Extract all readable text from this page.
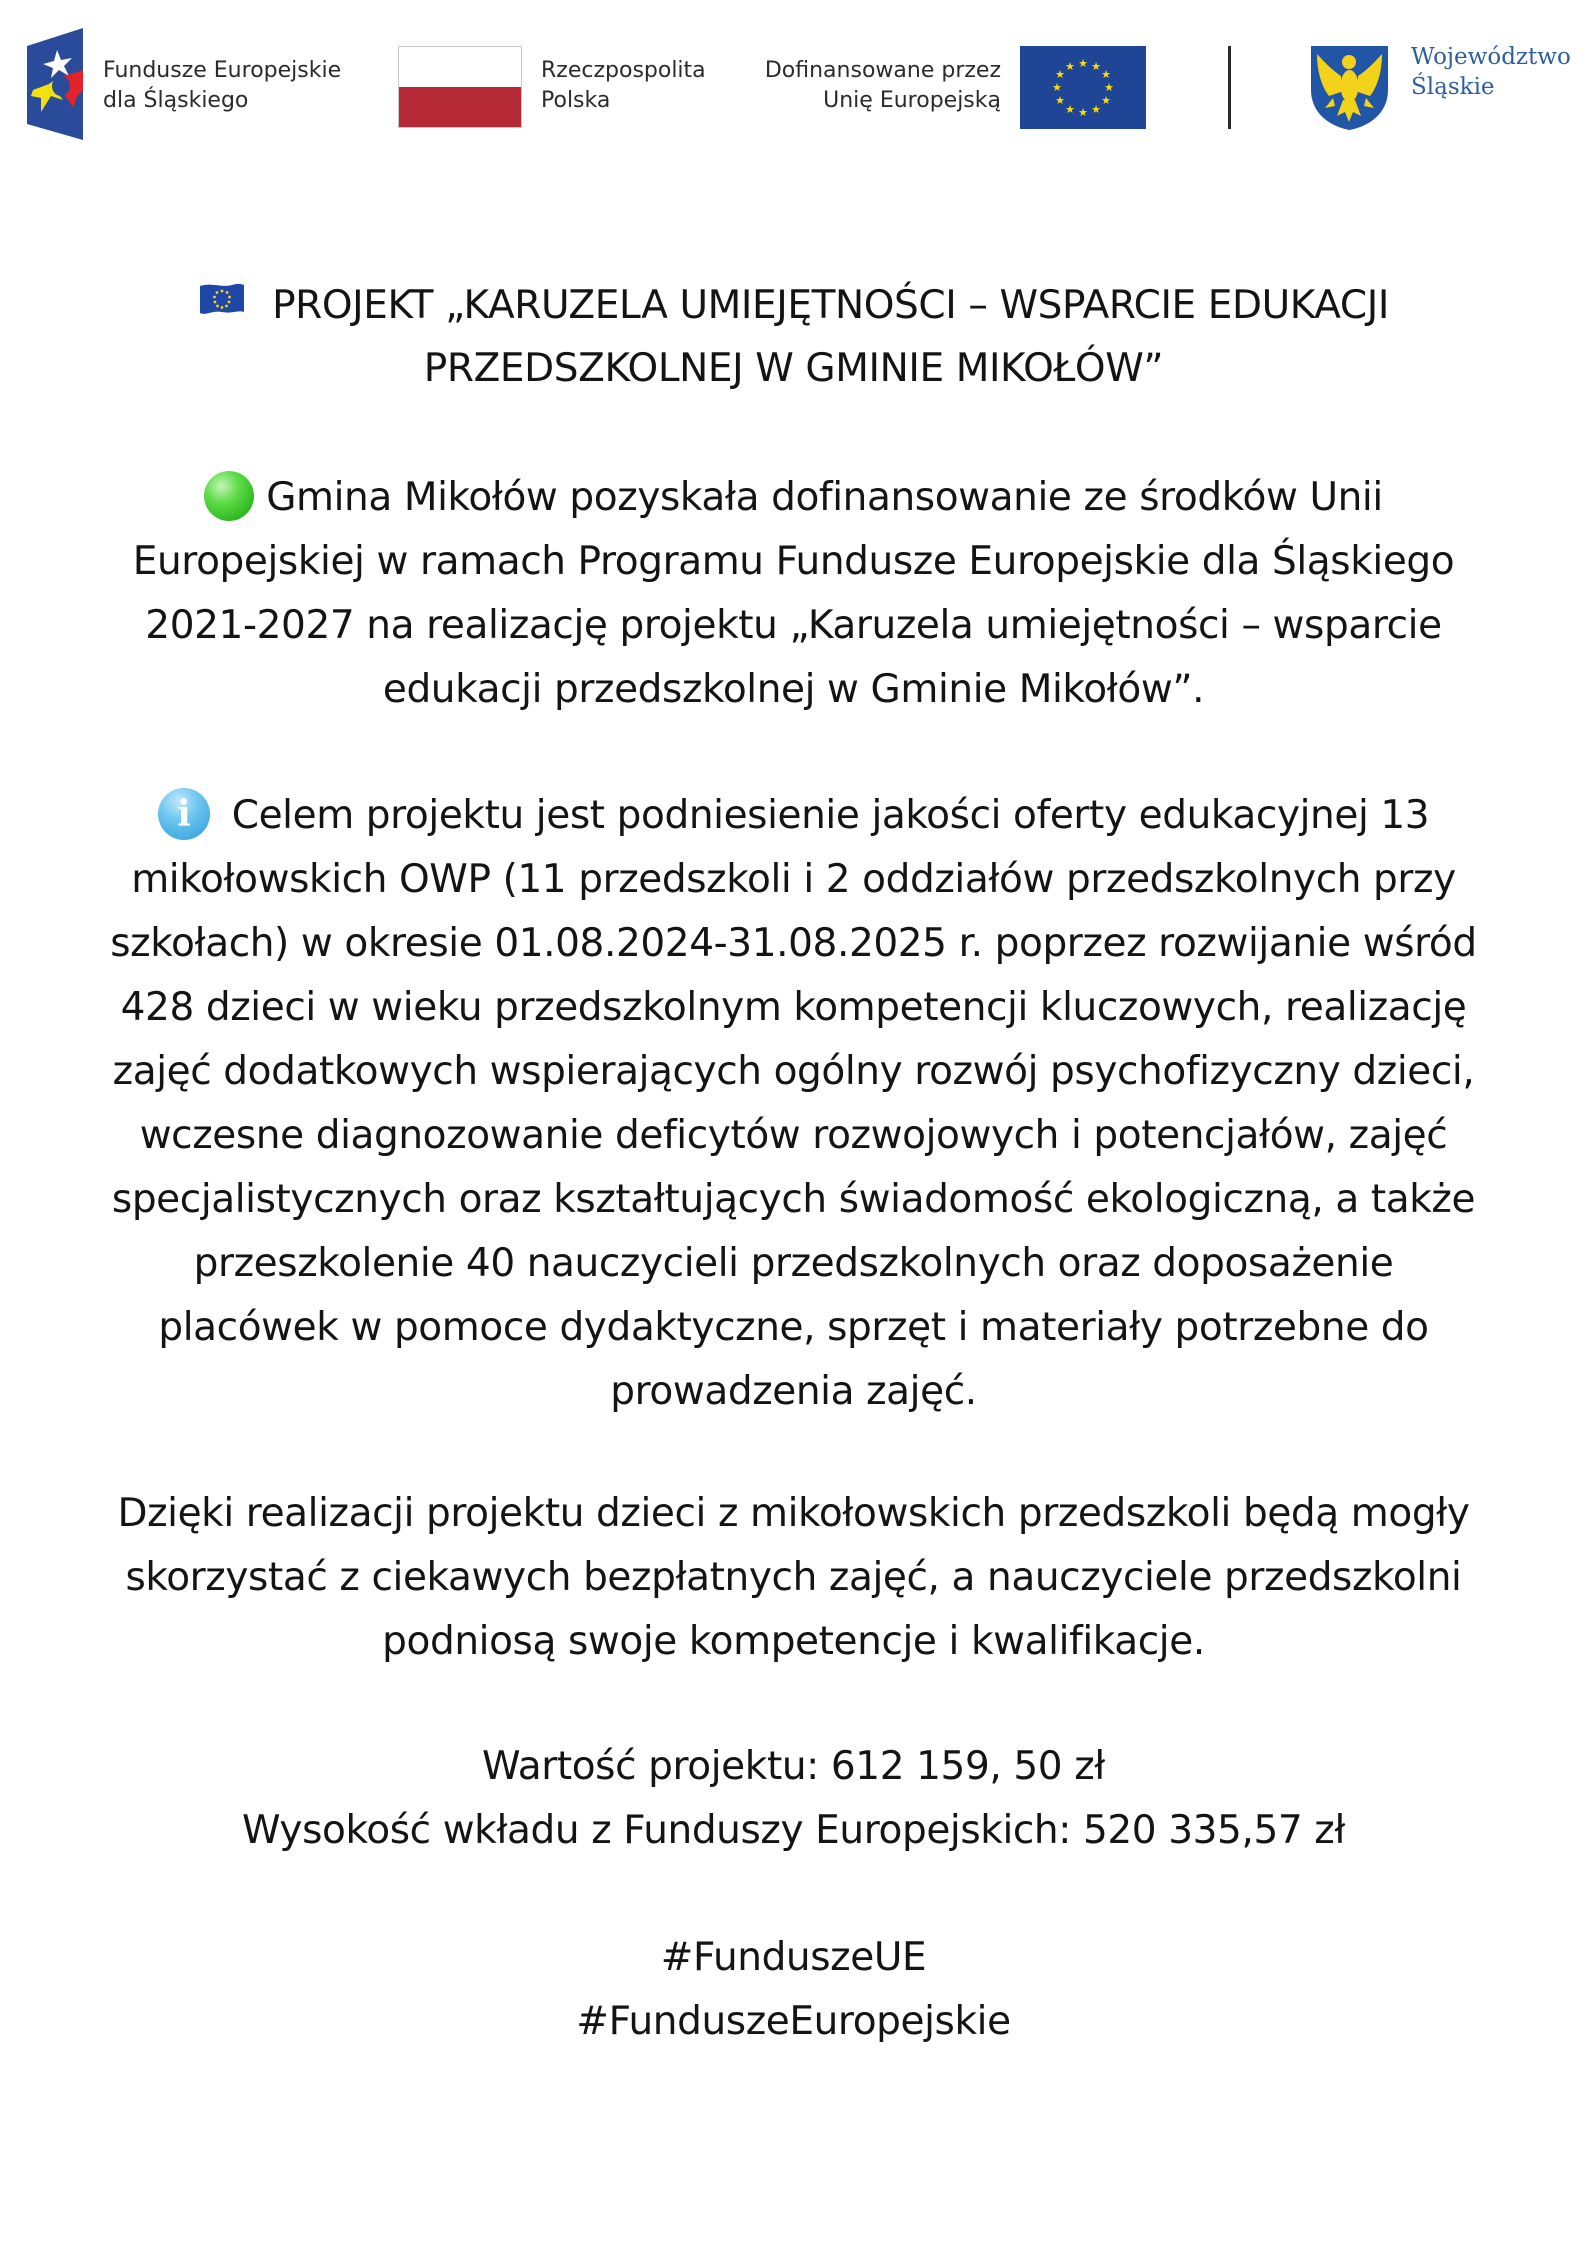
Fundusze Europejskie
dla Śląskiego
Rzeczpospolita
Polska
Dofinansowane przez
Unię Europejską
★ ★
★
★
★
★
★
★
★
★
★
★	Województwo
Śląskie
PROJEKT „KARUZELA UMIEJĘTNOŚCI – WSPARCIE EDUKACJI
PRZEDSZKOLNEJ W GMINIE MIKOŁÓW”
Gmina Mikołów pozyskała dofinansowanie ze środków Unii
Europejskiej w ramach Programu Fundusze Europejskie dla Śląskiego
2021-2027 na realizację projektu „Karuzela umiejętności – wsparcie
edukacji przedszkolnej w Gminie Mikołów”.
i	Celem projektu jest podniesienie jakości oferty edukacyjnej 13
mikołowskich OWP (11 przedszkoli i 2 oddziałów przedszkolnych przy
szkołach) w okresie 01.08.2024-31.08.2025 r. poprzez rozwijanie wśród
428 dzieci w wieku przedszkolnym kompetencji kluczowych, realizację
zajęć dodatkowych wspierających ogólny rozwój psychofizyczny dzieci,
wczesne diagnozowanie deficytów rozwojowych i potencjałów, zajęć
specjalistycznych oraz kształtujących świadomość ekologiczną, a także
przeszkolenie 40 nauczycieli przedszkolnych oraz doposażenie
placówek w pomoce dydaktyczne, sprzęt i materiały potrzebne do
prowadzenia zajęć.
Dzięki realizacji projektu dzieci z mikołowskich przedszkoli będą mogły
skorzystać z ciekawych bezpłatnych zajęć, a nauczyciele przedszkolni
podniosą swoje kompetencje i kwalifikacje.
Wartość projektu: 612 159, 50 zł
Wysokość wkładu z Funduszy Europejskich: 520 335,57 zł
#FunduszeUE
#FunduszeEuropejskie
